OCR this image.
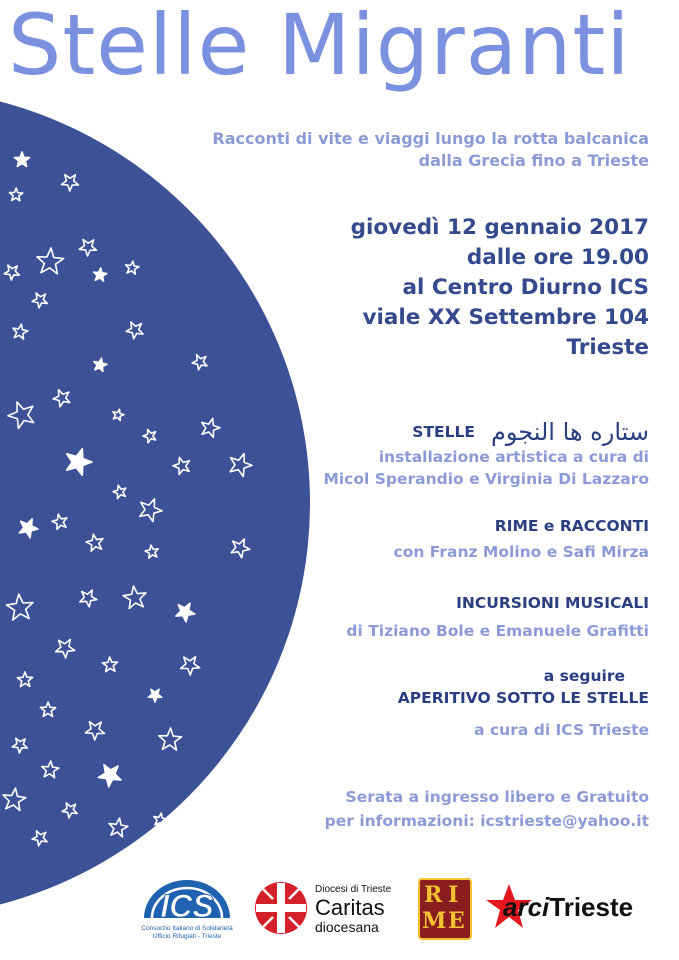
Stelle Migranti
Racconti di vite e viaggi lungo la rotta balcanica
dalla Grecia fino a Trieste
giovedì 12 gennaio 2017
dalle ore 19.00
al Centro Diurno ICS
viale XX Settembre 104
Trieste
STELLE ستاره ها النجوم
installazione artistica a cura di
Micol Sperandio e Virginia Di Lazzaro
RIME e RACCONTI
con Franz Molino e Safi Mirza
INCURSIONI MUSICALI
di Tiziano Bole e Emanuele Grafitti
a seguire
APERITIVO SOTTO LE STELLE
a cura di ICS Trieste
Serata a ingresso libero e Gratuito
per informazioni: icstrieste@yahoo.it
ICS
Consorzio Italiano di Solidarietà
Ufficio Rifugiati - Trieste
Diocesi di Trieste
Caritas
diocesana
R I
M E arciTrieste
